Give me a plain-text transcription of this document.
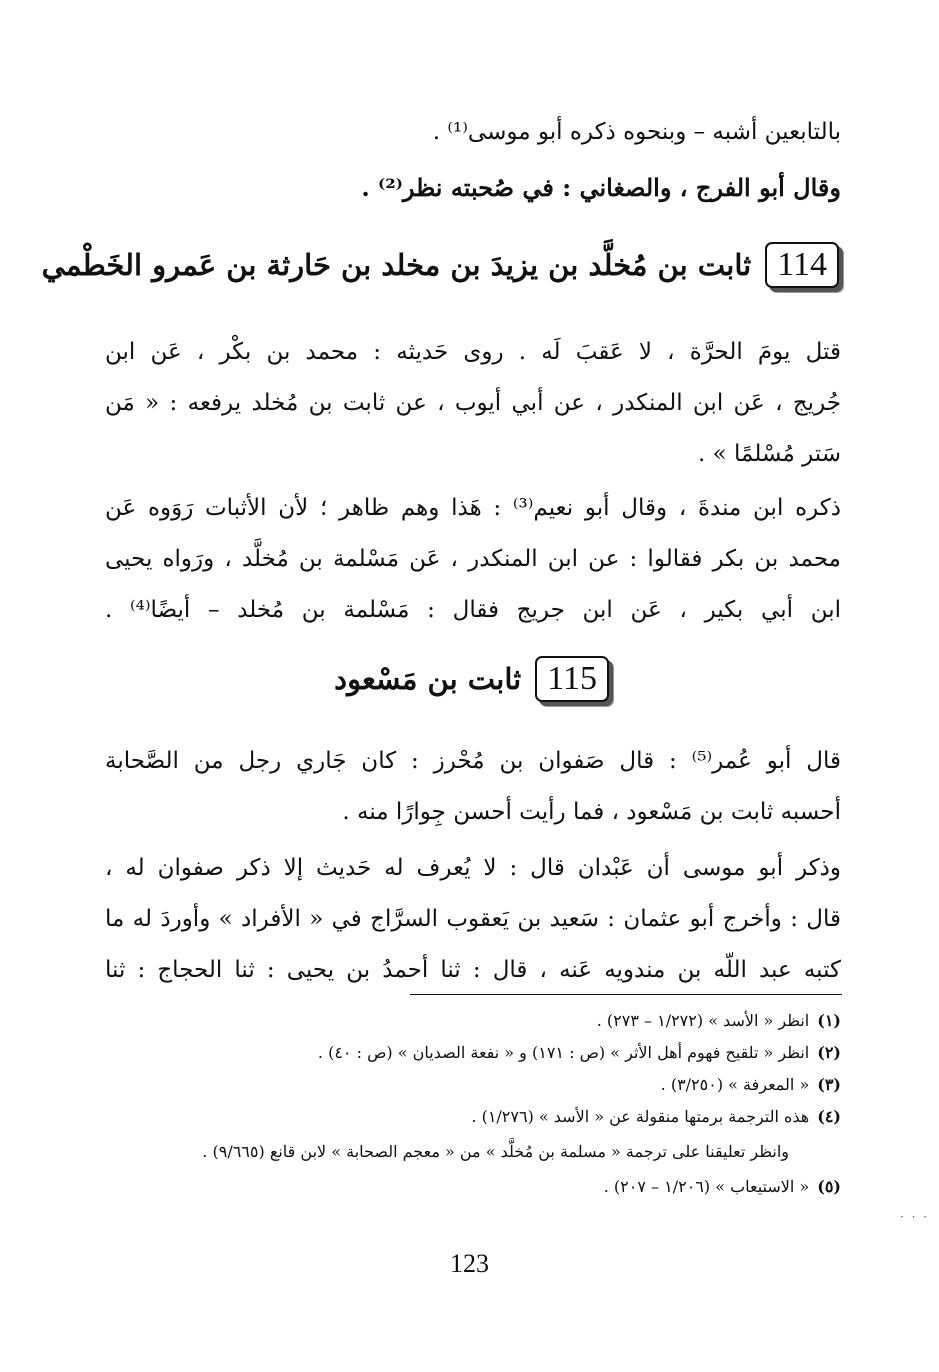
بالتابعين أشبه – وبنحوه ذكره أبو موسى⁽¹⁾ .
وقال أبو الفرج ، والصغاني : في صُحبته نظر⁽²⁾ .
114
ثابت بن مُخلَّد بن يزيدَ بن مخلد بن حَارثة بن عَمرو الخَطْمي
قتل يومَ الحرَّة ، لا عَقبَ لَه . روى حَديثه : محمد بن بكْر ، عَن ابن
جُريج ، عَن ابن المنكدر ، عن أبي أيوب ، عن ثابت بن مُخلد يرفعه : « مَن
سَتر مُسْلمًا » .
ذكره ابن مندةَ ، وقال أبو نعيم⁽³⁾ : هَذا وهم ظاهر ؛ لأن الأثبات رَوَوه عَن
محمد بن بكر فقالوا : عن ابن المنكدر ، عَن مَسْلمة بن مُخلَّد ، ورَواه يحيى
ابن أبي بكير ، عَن ابن جريج فقال : مَسْلمة بن مُخلد – أيضًا⁽⁴⁾ .
115
ثابت بن مَسْعود
قال أبو عُمر⁽⁵⁾ : قال صَفوان بن مُحْرز : كان جَاري رجل من الصَّحابة
أحسبه ثابت بن مَسْعود ، فما رأيت أحسن جِوارًا منه .
وذكر أبو موسى أن عَبْدان قال : لا يُعرف له حَديث إلا ذكر صفوان له ،
قال : وأخرج أبو عثمان : سَعيد بن يَعقوب السرَّاج في « الأفراد » وأوردَ له ما
كتبه عبد اللّه بن مندويه عَنه ، قال : ثنا أحمدُ بن يحيى : ثنا الحجاج : ثنا
(١)انظر « الأسد » (١/٢٧٢ – ٢٧٣) .
(٢)انظر « تلقيح فهوم أهل الأثر » (ص : ١٧١) و « نفعة الصديان » (ص : ٤٠) .
(٣)« المعرفة » (٣/٢٥٠) .
(٤)هذه الترجمة برمتها منقولة عن « الأسد » (١/٢٧٦) .
وانظر تعليقنا على ترجمة « مسلمة بن مُخلَّد » من « معجم الصحابة » لابن قانع (٩/٦٦٥) .
(٥)« الاستيعاب » (١/٢٠٦ – ٢٠٧) .
· · ·
123
